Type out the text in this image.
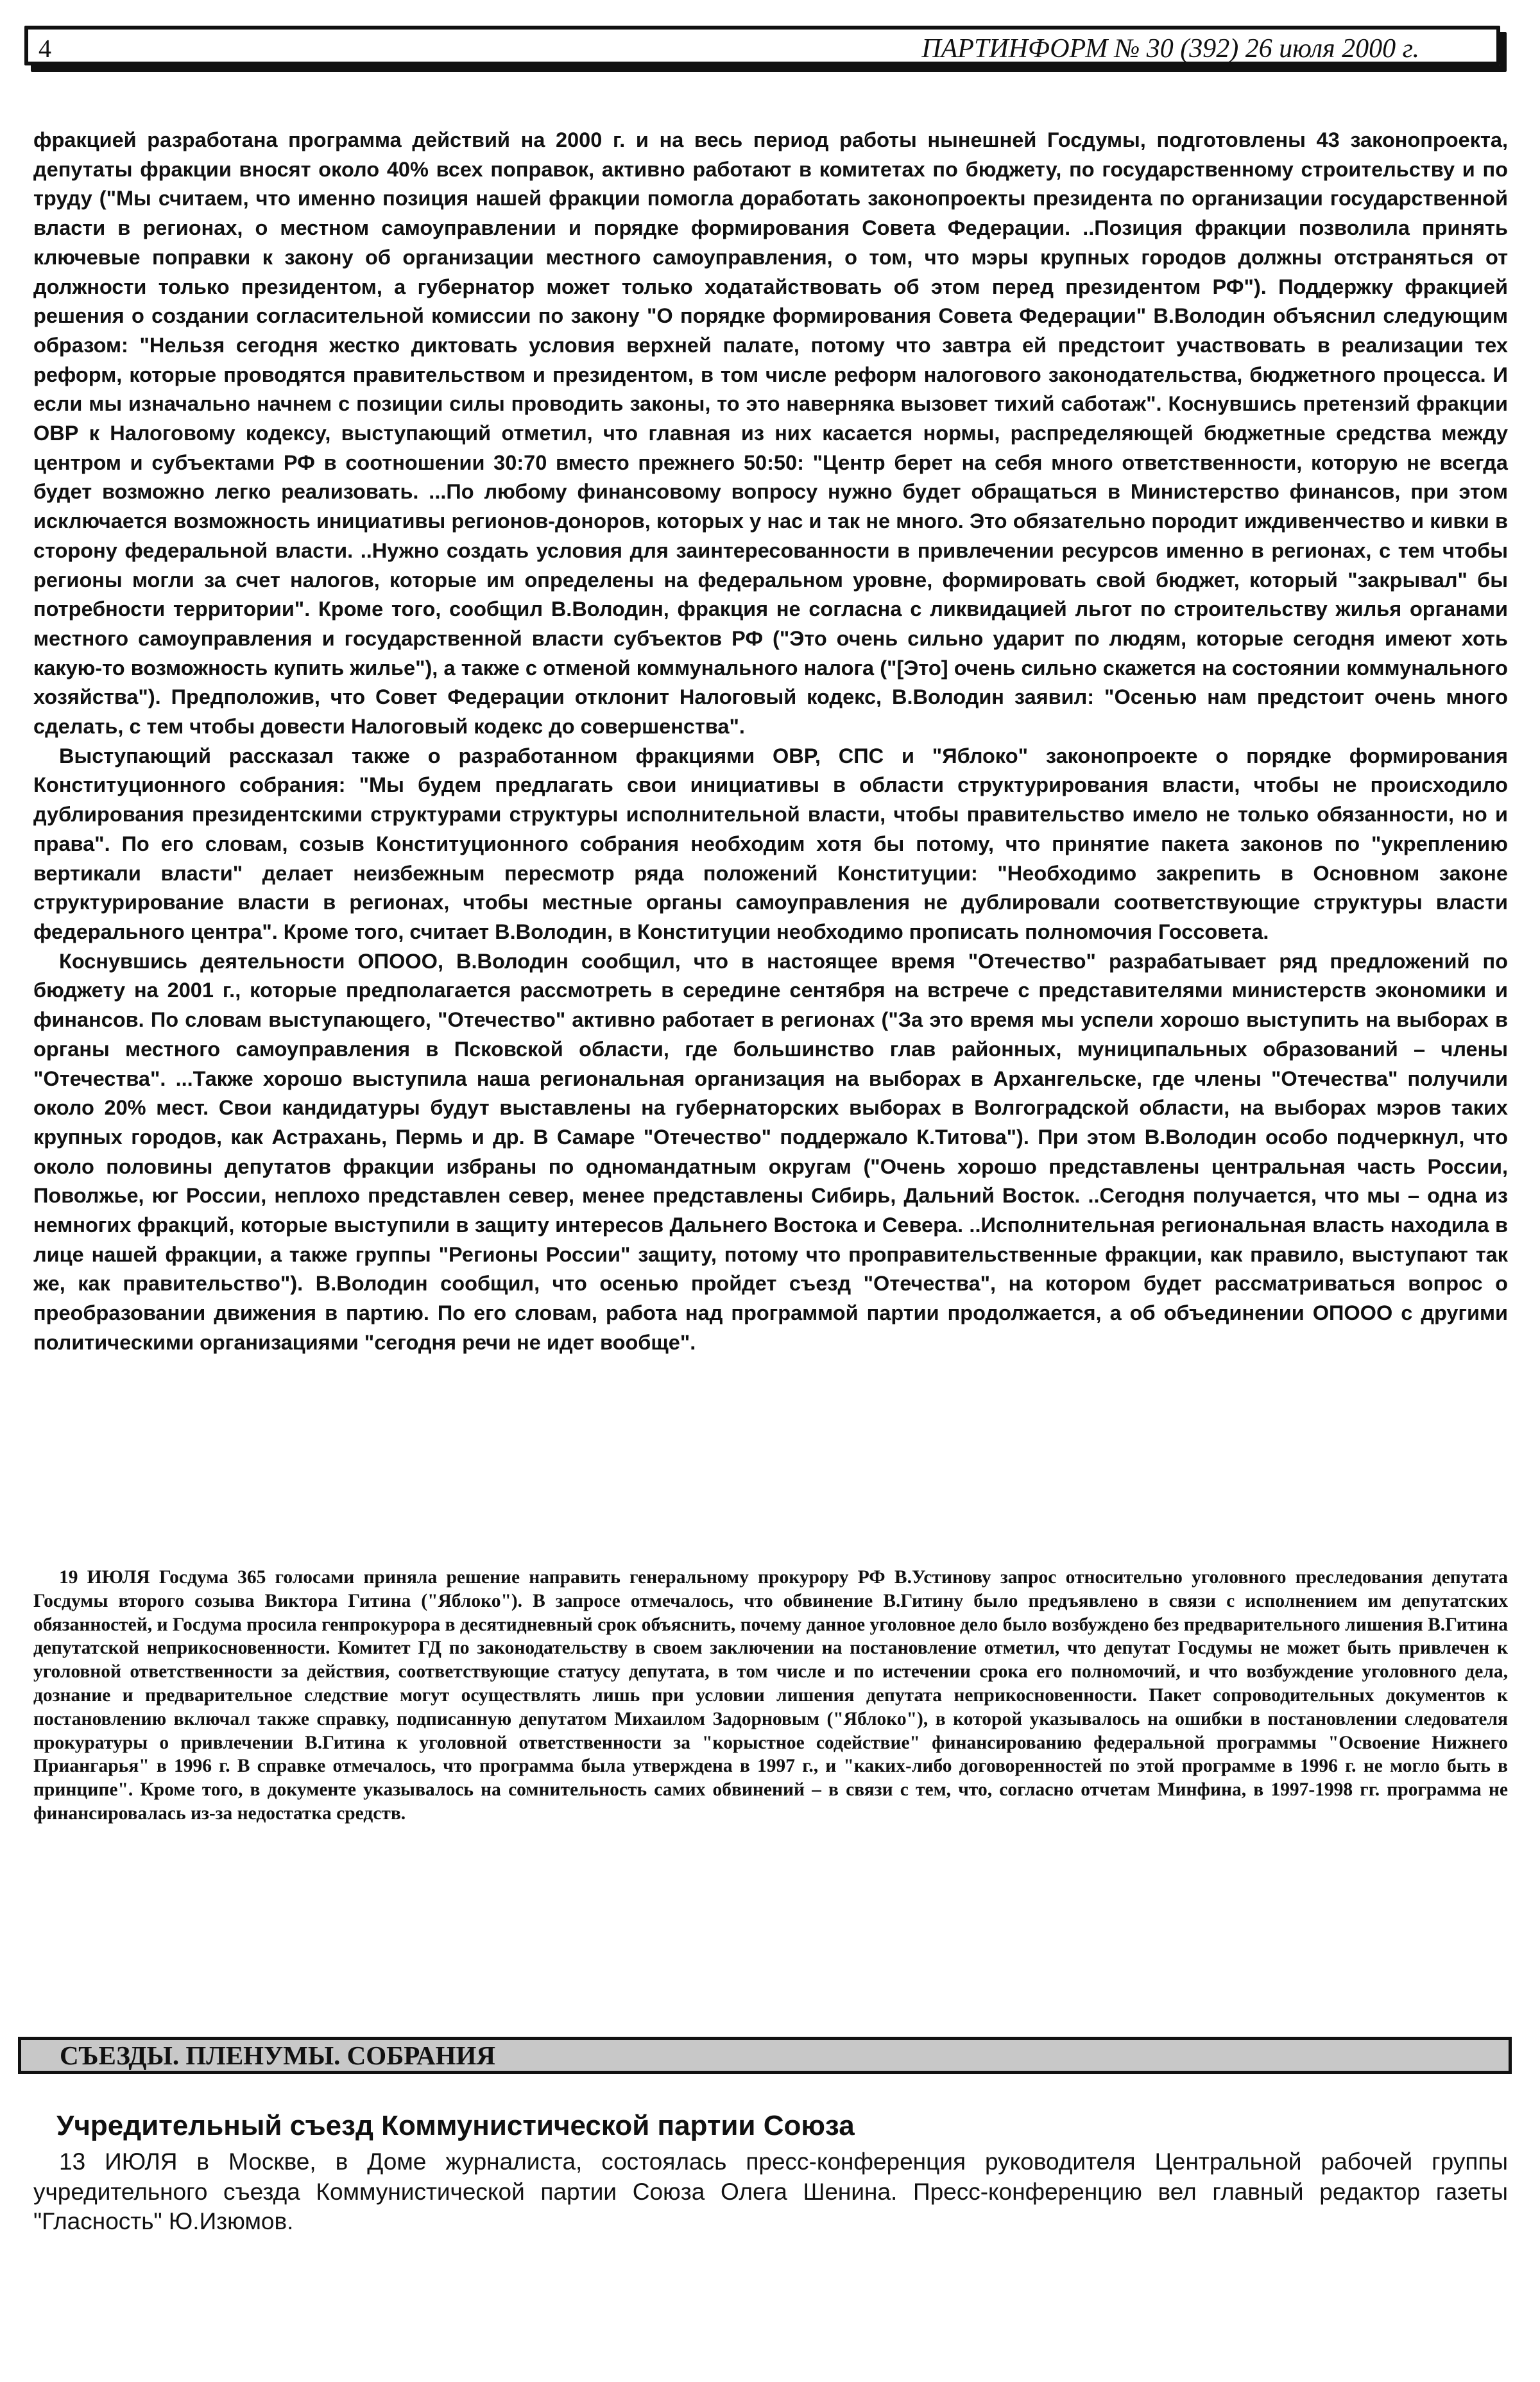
4	ПАРТИНФОРМ № 30 (392) 26 июля 2000 г.

фракцией разработана программа действий на 2000 г. и на весь период работы нынешней Госдумы, подготовлены 43 законопроекта, депутаты фракции вносят около 40% всех поправок, активно работают в комитетах по бюджету, по государственному строительству и по труду ("Мы считаем, что именно позиция нашей фракции помогла доработать законопроекты президента по организации государственной власти в регионах, о местном самоуправлении и порядке формирования Совета Федерации. ..Позиция фракции позволила принять ключевые поправки к закону об организации местного самоуправления, о том, что мэры крупных городов должны отстраняться от должности только президентом, а губернатор может только ходатайствовать об этом перед президентом РФ"). Поддержку фракцией решения о создании согласительной комиссии по закону "О порядке формирования Совета Федерации" В.Володин объяснил следующим образом: "Нельзя сегодня жестко диктовать условия верхней палате, потому что завтра ей предстоит участвовать в реализации тех реформ, которые проводятся правительством и президентом, в том числе реформ налогового законодательства, бюджетного процесса. И если мы изначально начнем с позиции силы проводить законы, то это наверняка вызовет тихий саботаж". Коснувшись претензий фракции ОВР к Налоговому кодексу, выступающий отметил, что главная из них касается нормы, распределяющей бюджетные средства между центром и субъектами РФ в соотношении 30:70 вместо прежнего 50:50: "Центр берет на себя много ответственности, которую не всегда будет возможно легко реализовать. ...По любому финансовому вопросу нужно будет обращаться в Министерство финансов, при этом исключается возможность инициативы регионов-доноров, которых у нас и так не много. Это обязательно породит иждивенчество и кивки в сторону федеральной власти. ..Нужно создать условия для заинтересованности в привлечении ресурсов именно в регионах, с тем чтобы регионы могли за счет налогов, которые им определены на федеральном уровне, формировать свой бюджет, который "закрывал" бы потребности территории". Кроме того, сообщил В.Володин, фракция не согласна с ликвидацией льгот по строительству жилья органами местного самоуправления и государственной власти субъектов РФ ("Это очень сильно ударит по людям, которые сегодня имеют хоть какую-то возможность купить жилье"), а также с отменой коммунального налога ("[Это] очень сильно скажется на состоянии коммунального хозяйства"). Предположив, что Совет Федерации отклонит Налоговый кодекс, В.Володин заявил: "Осенью нам предстоит очень много сделать, с тем чтобы довести Налоговый кодекс до совершенства".

Выступающий рассказал также о разработанном фракциями ОВР, СПС и "Яблоко" законопроекте о порядке формирования Конституционного собрания: "Мы будем предлагать свои инициативы в области структурирования власти, чтобы не происходило дублирования президентскими структурами структуры исполнительной власти, чтобы правительство имело не только обязанности, но и права". По его словам, созыв Конституционного собрания необходим хотя бы потому, что принятие пакета законов по "укреплению вертикали власти" делает неизбежным пересмотр ряда положений Конституции: "Необходимо закрепить в Основном законе структурирование власти в регионах, чтобы местные органы самоуправления не дублировали соответствующие структуры власти федерального центра". Кроме того, считает В.Володин, в Конституции необходимо прописать полномочия Госсовета.

Коснувшись деятельности ОПООО, В.Володин сообщил, что в настоящее время "Отечество" разрабатывает ряд предложений по бюджету на 2001 г., которые предполагается рассмотреть в середине сентября на встрече с представителями министерств экономики и финансов. По словам выступающего, "Отечество" активно работает в регионах ("За это время мы успели хорошо выступить на выборах в органы местного самоуправления в Псковской области, где большинство глав районных, муниципальных образований – члены "Отечества". ...Также хорошо выступила наша региональная организация на выборах в Архангельске, где члены "Отечества" получили около 20% мест. Свои кандидатуры будут выставлены на губернаторских выборах в Волгоградской области, на выборах мэров таких крупных городов, как Астрахань, Пермь и др. В Самаре "Отечество" поддержало К.Титова"). При этом В.Володин особо подчеркнул, что около половины депутатов фракции избраны по одномандатным округам ("Очень хорошо представлены центральная часть России, Поволжье, юг России, неплохо представлен север, менее представлены Сибирь, Дальний Восток. ..Сегодня получается, что мы – одна из немногих фракций, которые выступили в защиту интересов Дальнего Востока и Севера. ..Исполнительная региональная власть находила в лице нашей фракции, а также группы "Регионы России" защиту, потому что проправительственные фракции, как правило, выступают так же, как правительство"). В.Володин сообщил, что осенью пройдет съезд "Отечества", на котором будет рассматриваться вопрос о преобразовании движения в партию. По его словам, работа над программой партии продолжается, а об объединении ОПООО с другими политическими организациями "сегодня речи не идет вообще".

19 ИЮЛЯ Госдума 365 голосами приняла решение направить генеральному прокурору РФ В.Устинову запрос относительно уголовного преследования депутата Госдумы второго созыва Виктора Гитина ("Яблоко"). В запросе отмечалось, что обвинение В.Гитину было предъявлено в связи с исполнением им депутатских обязанностей, и Госдума просила генпрокурора в десятидневный срок объяснить, почему данное уголовное дело было возбуждено без предварительного лишения В.Гитина депутатской неприкосновенности. Комитет ГД по законодательству в своем заключении на постановление отметил, что депутат Госдумы не может быть привлечен к уголовной ответственности за действия, соответствующие статусу депутата, в том числе и по истечении срока его полномочий, и что возбуждение уголовного дела, дознание и предварительное следствие могут осуществлять лишь при условии лишения депутата неприкосновенности. Пакет сопроводительных документов к постановлению включал также справку, подписанную депутатом Михаилом Задорновым ("Яблоко"), в которой указывалось на ошибки в постановлении следователя прокуратуры о привлечении В.Гитина к уголовной ответственности за "корыстное содействие" финансированию федеральной программы "Освоение Нижнего Приангарья" в 1996 г. В справке отмечалось, что программа была утверждена в 1997 г., и "каких-либо договоренностей по этой программе в 1996 г. не могло быть в принципе". Кроме того, в документе указывалось на сомнительность самих обвинений – в связи с тем, что, согласно отчетам Минфина, в 1997-1998 гг. программа не финансировалась из-за недостатка средств.

СЪЕЗДЫ. ПЛЕНУМЫ. СОБРАНИЯ
Учредительный съезд Коммунистической партии Союза

13 ИЮЛЯ в Москве, в Доме журналиста, состоялась пресс-конференция руководителя Центральной рабочей группы учредительного съезда Коммунистической партии Союза Олега Шенина. Пресс-конференцию вел главный редактор газеты "Гласность" Ю.Изюмов.
